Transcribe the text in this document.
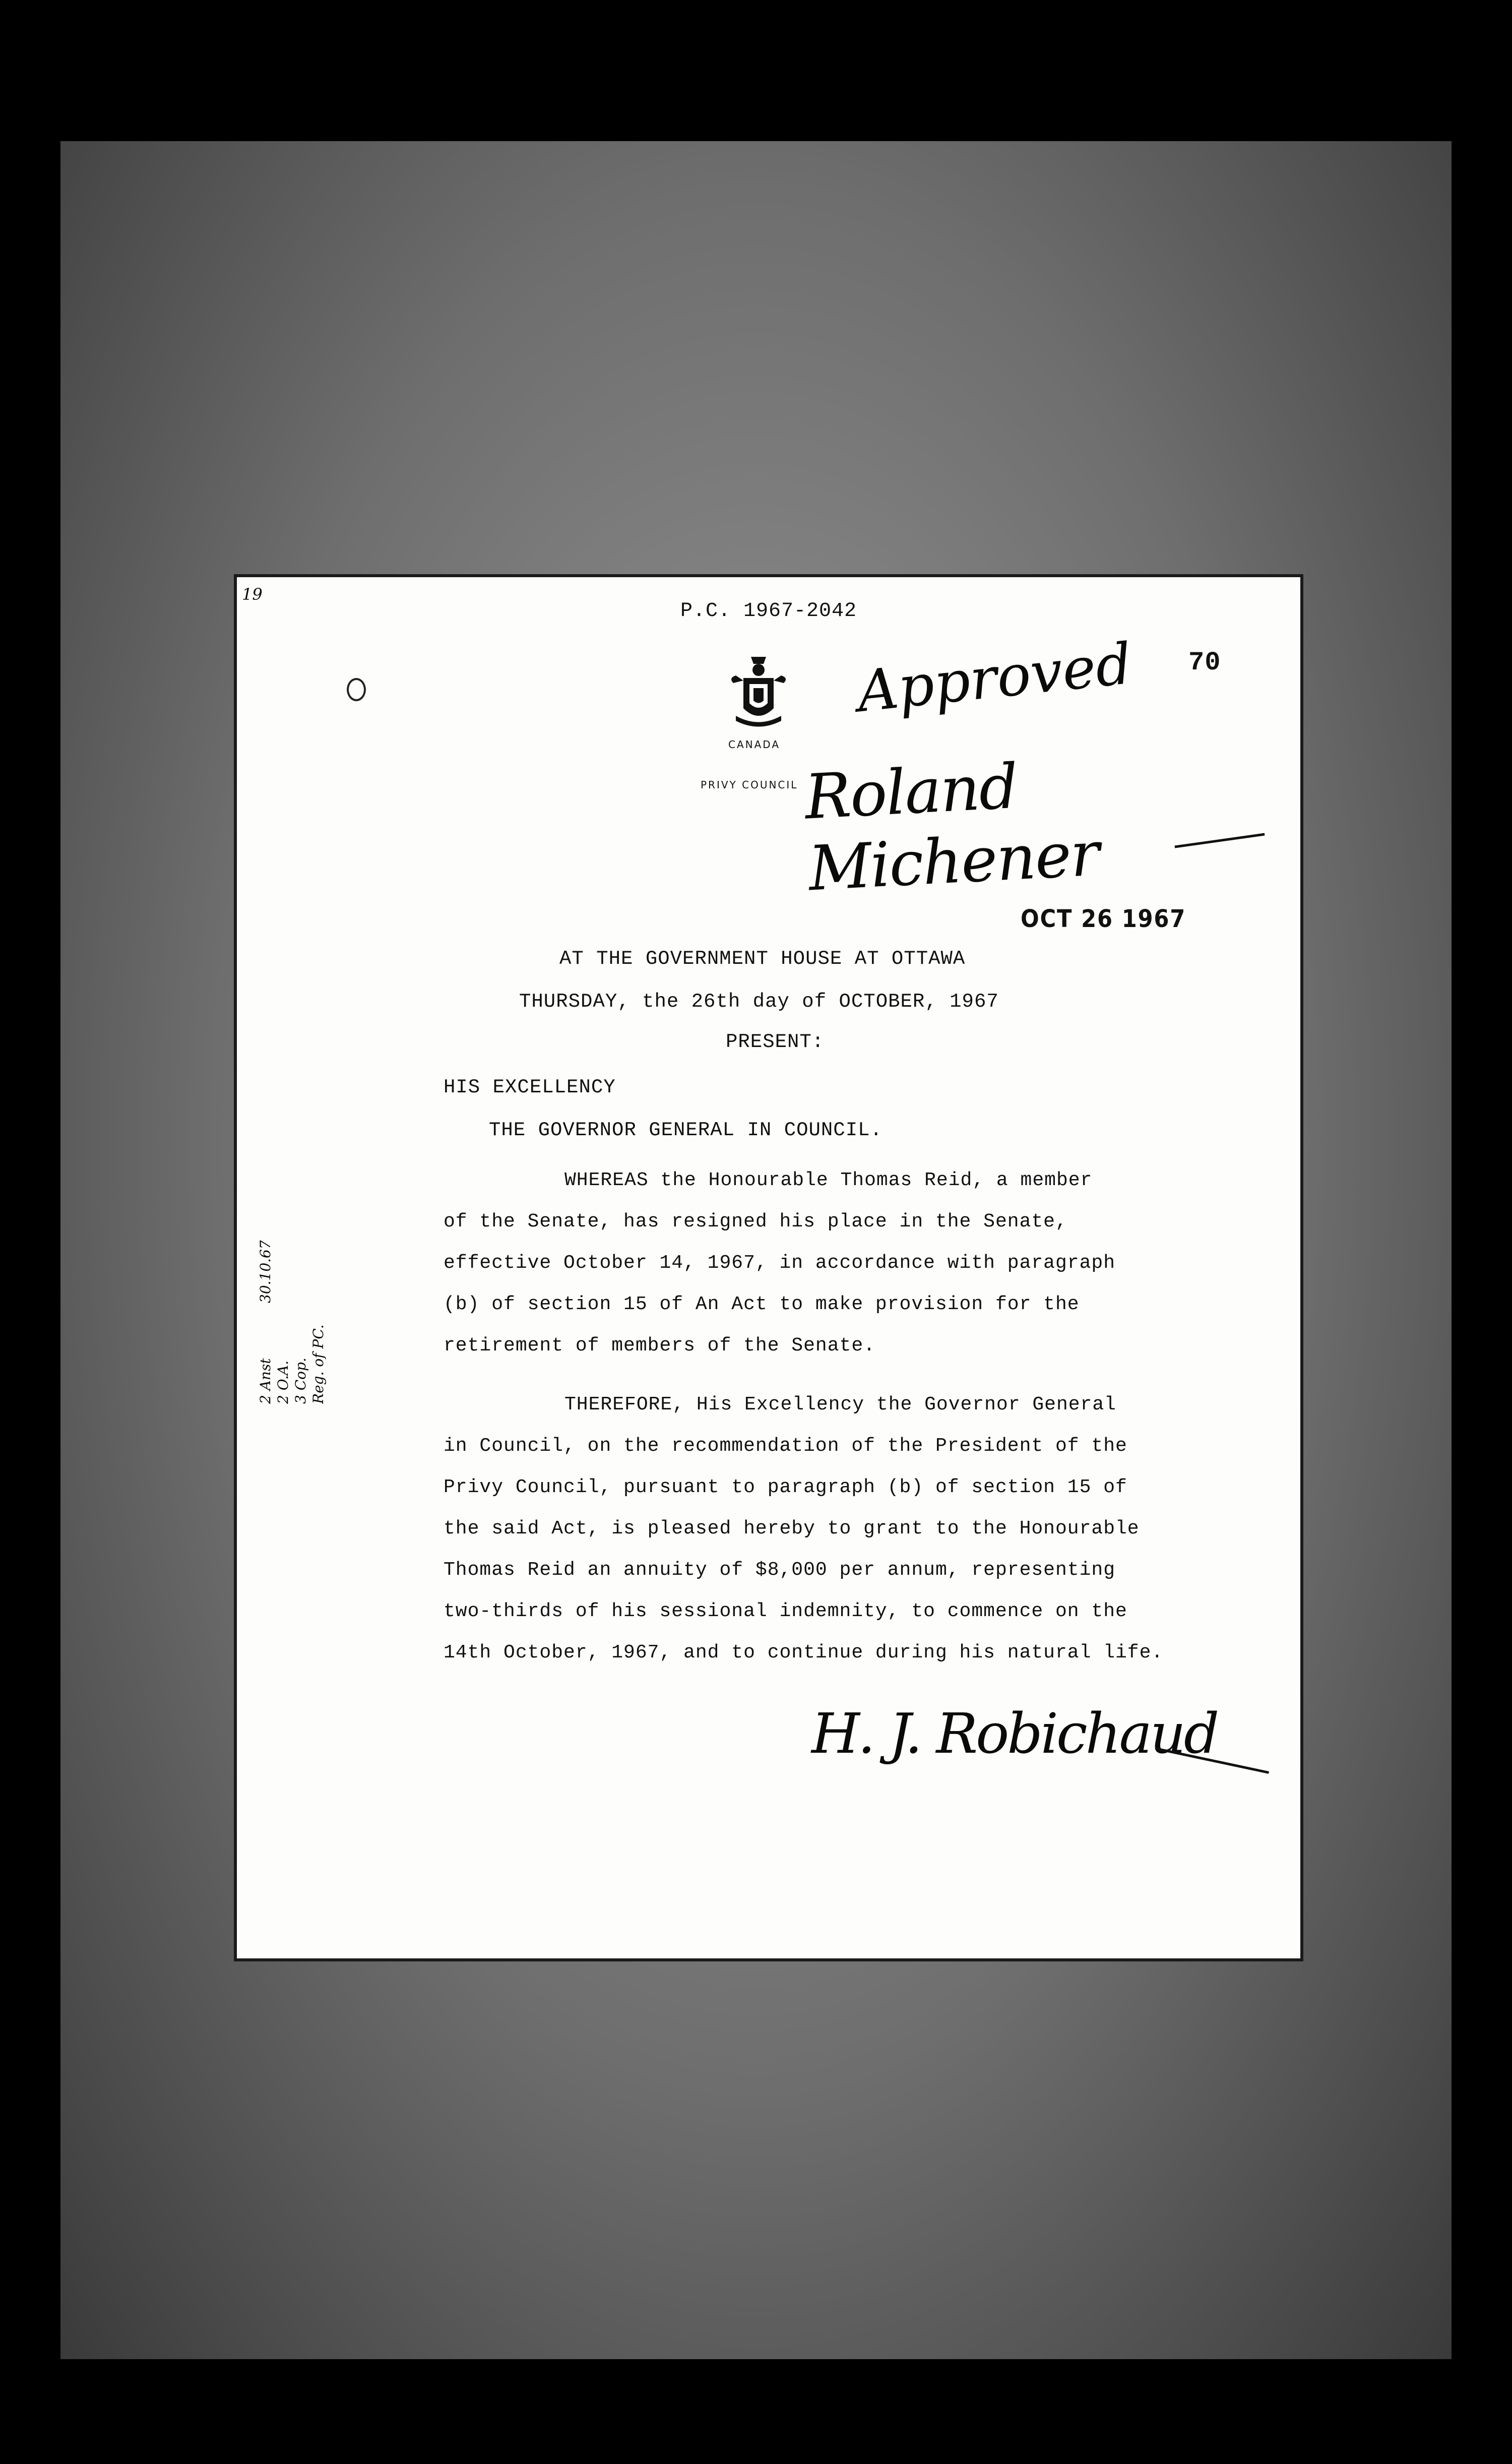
19
P.C. 1967-2042
70
CANADA
PRIVY COUNCIL
Approved
Roland Michener
OCT 26 1967
AT THE GOVERNMENT HOUSE AT OTTAWA
THURSDAY, the 26th day of OCTOBER, 1967
PRESENT:
HIS EXCELLENCY
THE GOVERNOR GENERAL IN COUNCIL.
WHEREAS the Honourable Thomas Reid, a member
of the Senate, has resigned his place in the Senate,
effective October 14, 1967, in accordance with paragraph
(b) of section 15 of An Act to make provision for the
retirement of members of the Senate.
THEREFORE, His Excellency the Governor General
in Council, on the recommendation of the President of the
Privy Council, pursuant to paragraph (b) of section 15 of
the said Act, is pleased hereby to grant to the Honourable
Thomas Reid an annuity of $8,000 per annum, representing
two-thirds of his sessional indemnity, to commence on the
14th October, 1967, and to continue during his natural life.
H. J. Robichaud
2 Anst 2 O.A. 3 Cop. Reg. of PC.
30.10.67
